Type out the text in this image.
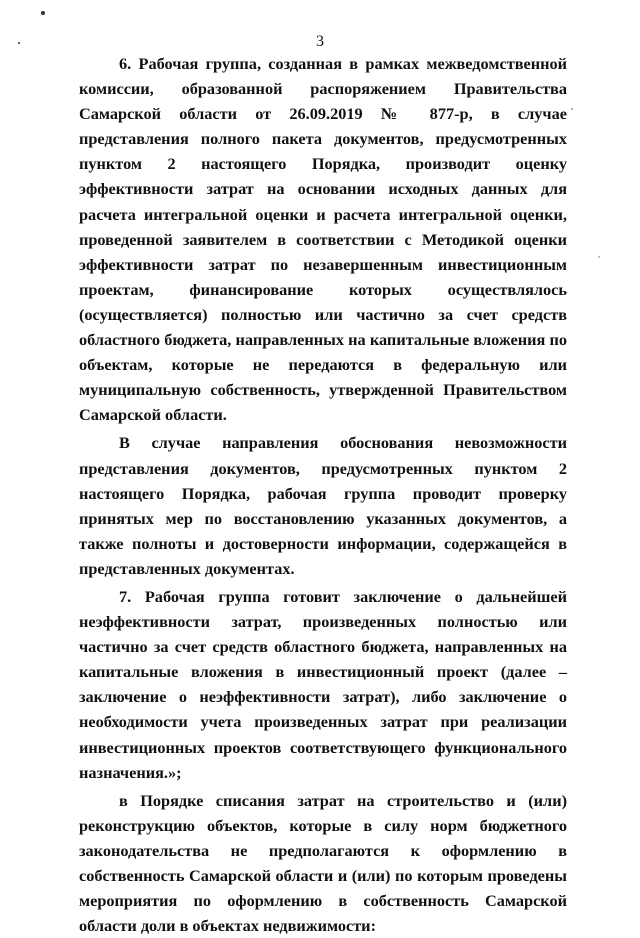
3

6. Рабочая группа, созданная в рамках межведомственной комиссии, образованной распоряжением Правительства Самарской области от 26.09.2019 № 877-р, в случае представления полного пакета документов, предусмотренных пунктом 2 настоящего Порядка, производит оценку эффективности затрат на основании исходных данных для расчета интегральной оценки и расчета интегральной оценки, проведенной заявителем в соответствии с Методикой оценки эффективности затрат по незавершенным инвестиционным проектам, финансирование которых осуществлялось (осуществляется) полностью или частично за счет средств областного бюджета, направленных на капитальные вложения по объектам, которые не передаются в федеральную или муниципальную собственность, утвержденной Правительством Самарской области.

В случае направления обоснования невозможности представления документов, предусмотренных пунктом 2 настоящего Порядка, рабочая группа проводит проверку принятых мер по восстановлению указанных документов, а также полноты и достоверности информации, содержащейся в представленных документах.

7. Рабочая группа готовит заключение о дальнейшей неэффективности затрат, произведенных полностью или частично за счет средств областного бюджета, направленных на капитальные вложения в инвестиционный проект (далее – заключение о неэффективности затрат), либо заключение о необходимости учета произведенных затрат при реализации инвестиционных проектов соответствующего функционального назначения.»;

в Порядке списания затрат на строительство и (или) реконструкцию объектов, которые в силу норм бюджетного законодательства не предполагаются к оформлению в собственность Самарской области и (или) по которым проведены мероприятия по оформлению в собственность Самарской области доли в объектах недвижимости:
